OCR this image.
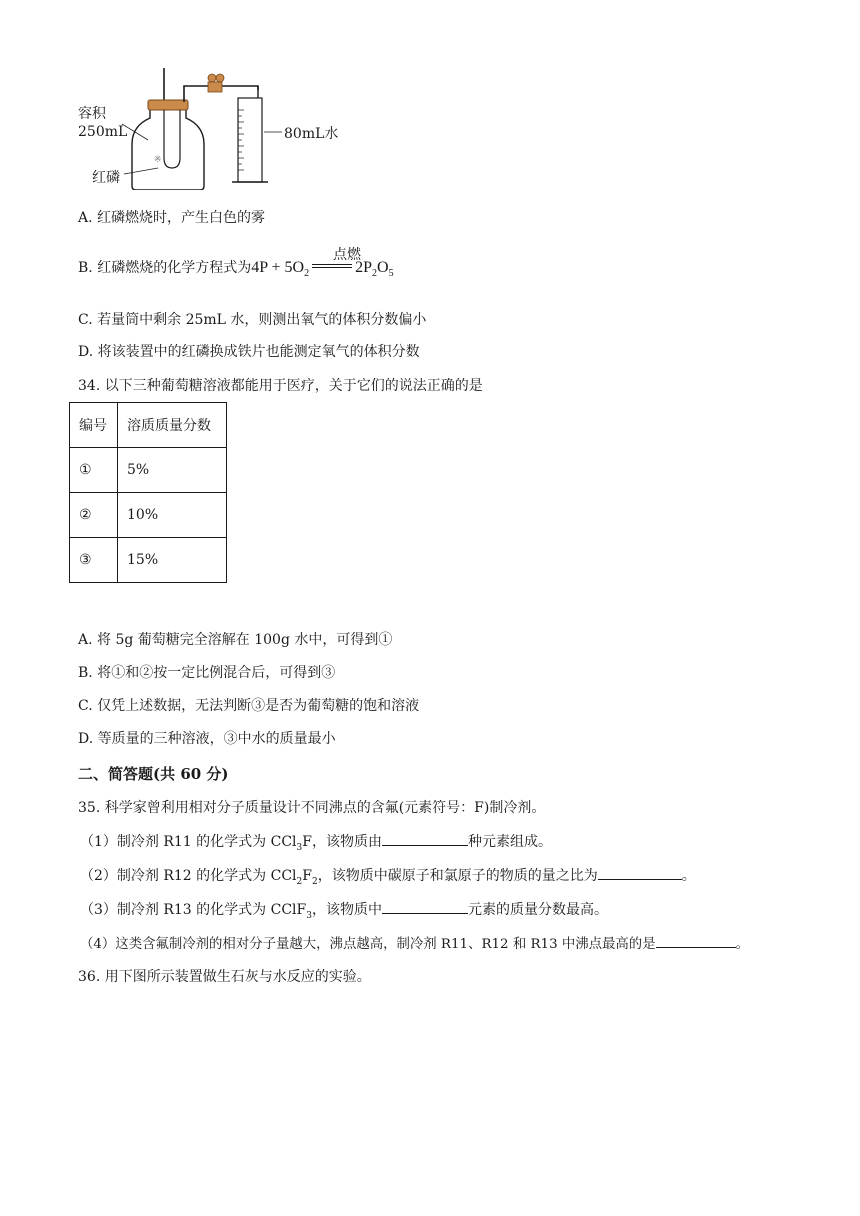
※
容积
250mL
红磷
80mL水
A. 红磷燃烧时，产生白色的雾
B. 红磷燃烧的化学方程式为$4P + 5O_2$	$2P_2O_5$
点燃
C. 若量筒中剩余 25mL 水，则测出氧气的体积分数偏小
D. 将该装置中的红磷换成铁片也能测定氧气的体积分数
34. 以下三种葡萄糖溶液都能用于医疗，关于它们的说法正确的是
编号	溶质质量分数
①	5%
②	10%
③	15%
A. 将 5g 葡萄糖完全溶解在 100g 水中，可得到①
B. 将①和②按一定比例混合后，可得到③
C. 仅凭上述数据，无法判断③是否为葡萄糖的饱和溶液
D. 等质量的三种溶液，③中水的质量最小
二、简答题(共 60 分)
35. 科学家曾利用相对分子质量设计不同沸点的含氟(元素符号：F)制冷剂。
（1）制冷剂 R11 的化学式为 CCl$_3$F，该物质由	种元素组成。
（2）制冷剂 R12 的化学式为 $CCl_2F_2$，该物质中碳原子和氯原子的物质的量之比为	。
（3）制冷剂 R13 的化学式为 CClF$_3$，该物质中	元素的质量分数最高。
（4）这类含氟制冷剂的相对分子量越大，沸点越高，制冷剂 R11、R12 和 R13 中沸点最高的是	。
36. 用下图所示装置做生石灰与水反应的实验。
